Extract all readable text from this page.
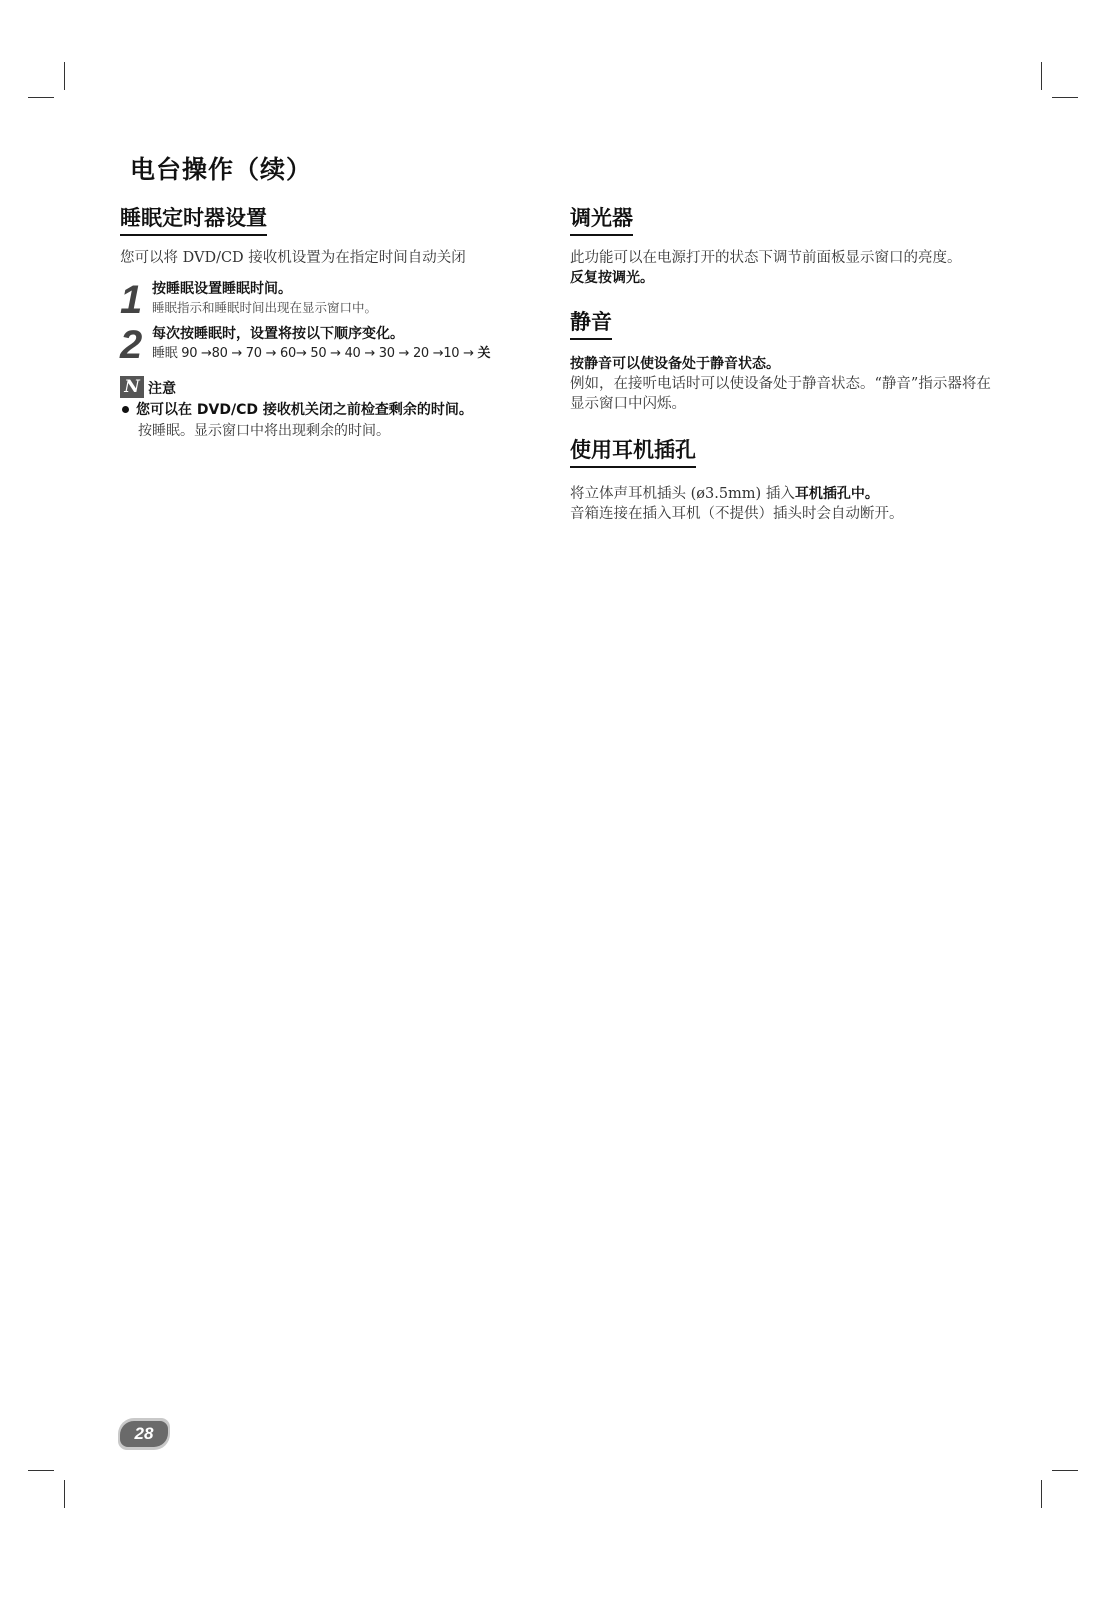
电台操作（续）
睡眠定时器设置

您可以将 DVD/CD 接收机设置为在指定时间自动关闭

1 按睡眠设置睡眠时间。
睡眠指示和睡眠时间出现在显示窗口中。
2 每次按睡眠时，设置将按以下顺序变化。
睡眠 90 →80 → 70 → 60→ 50 → 40 → 30 → 20 →10 → 关
N 注意
您可以在 DVD/CD 接收机关闭之前检查剩余的时间。
按睡眠。显示窗口中将出现剩余的时间。
调光器

此功能可以在电源打开的状态下调节前面板显示窗口的亮度。

反复按调光。

静音

按静音可以使设备处于静音状态。

例如，在接听电话时可以使设备处于静音状态。“静音”指示器将在显示窗口中闪烁。

使用耳机插孔

将立体声耳机插头 (ø3.5mm) 插入耳机插孔中。

音箱连接在插入耳机（不提供）插头时会自动断开。

28
